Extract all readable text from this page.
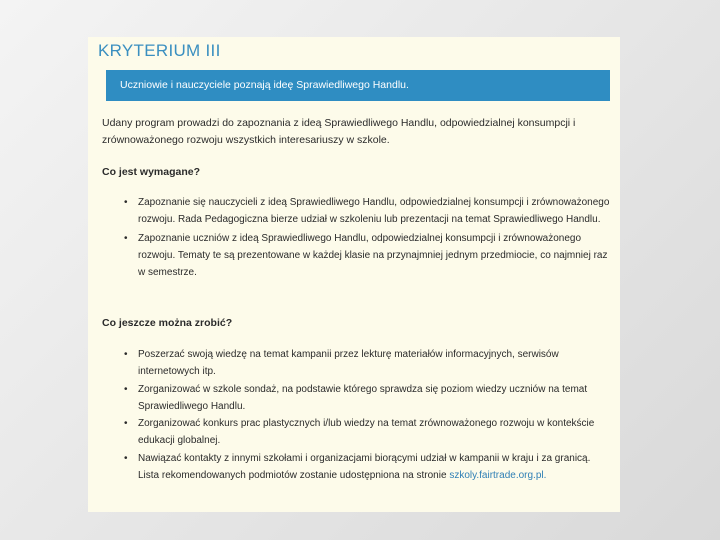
KRYTERIUM III
Uczniowie i nauczyciele poznają ideę Sprawiedliwego Handlu.
Udany program prowadzi do zapoznania z ideą Sprawiedliwego Handlu, odpowiedzialnej konsumpcji i zrównoważonego rozwoju wszystkich interesariuszy w szkole.
Co jest wymagane?
• Zapoznanie się nauczycieli z ideą Sprawiedliwego Handlu, odpowiedzialnej konsumpcji i zrównoważonego rozwoju. Rada Pedagogiczna bierze udział w szkoleniu lub prezentacji na temat Sprawiedliwego Handlu.
• Zapoznanie uczniów z ideą Sprawiedliwego Handlu, odpowiedzialnej konsumpcji i zrównoważonego rozwoju. Tematy te są prezentowane w każdej klasie na przynajmniej jednym przedmiocie, co najmniej raz w semestrze.
Co jeszcze można zrobić?
• Poszerzać swoją wiedzę na temat kampanii przez lekturę materiałów informacyjnych, serwisów internetowych itp.
• Zorganizować w szkole sondaż, na podstawie którego sprawdza się poziom wiedzy uczniów na temat Sprawiedliwego Handlu.
• Zorganizować konkurs prac plastycznych i/lub wiedzy na temat zrównoważonego rozwoju w kontekście edukacji globalnej.
• Nawiązać kontakty z innymi szkołami i organizacjami biorącymi udział w kampanii w kraju i za granicą. Lista rekomendowanych podmiotów zostanie udostępniona na stronie szkoly.fairtrade.org.pl.
